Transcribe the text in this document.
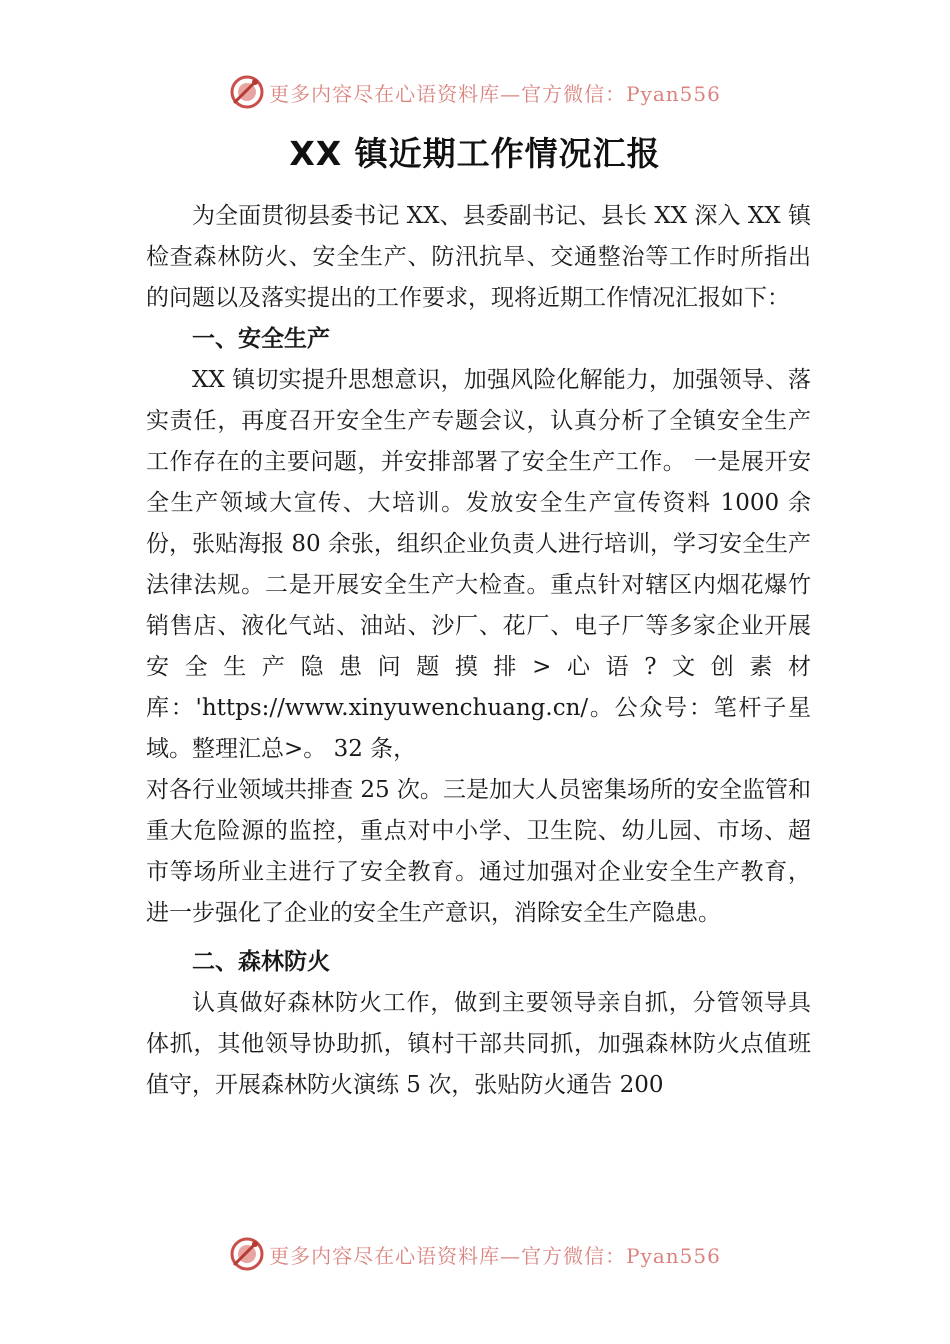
更多内容尽在心语资料库—官方微信：Pyan556
XX 镇近期工作情况汇报

为全面贯彻县委书记 XX、县委副书记、县长 XX 深入 XX 镇检查森林防火、安全生产、防汛抗旱、交通整治等工作时所指出的问题以及落实提出的工作要求，现将近期工作情况汇报如下：

一、安全生产

XX 镇切实提升思想意识，加强风险化解能力，加强领导、落实责任，再度召开安全生产专题会议，认真分析了全镇安全生产工作存在的主要问题，并安排部署了安全生产工作。 一是展开安全生产领域大宣传、大培训。发放安全生产宣传资料 1000 余份，张贴海报 80 余张，组织企业负责人进行培训，学习安全生产法律法规。二是开展安全生产大检查。重点针对辖区内烟花爆竹销售店、液化气站、油站、沙厂、花厂、电子厂等多家企业开展安全生产隐患问题摸排>心语?文创素材库：'https://www.xinyuwenchuang.cn/。公众号：笔杆子星域。整理汇总>。 32 条，

对各行业领域共排查 25 次。三是加大人员密集场所的安全监管和重大危险源的监控，重点对中小学、卫生院、幼儿园、市场、超市等场所业主进行了安全教育。通过加强对企业安全生产教育，进一步强化了企业的安全生产意识，消除安全生产隐患。

二、森林防火

认真做好森林防火工作，做到主要领导亲自抓，分管领导具体抓，其他领导协助抓，镇村干部共同抓，加强森林防火点值班值守，开展森林防火演练 5 次，张贴防火通告 200

更多内容尽在心语资料库—官方微信：Pyan556
